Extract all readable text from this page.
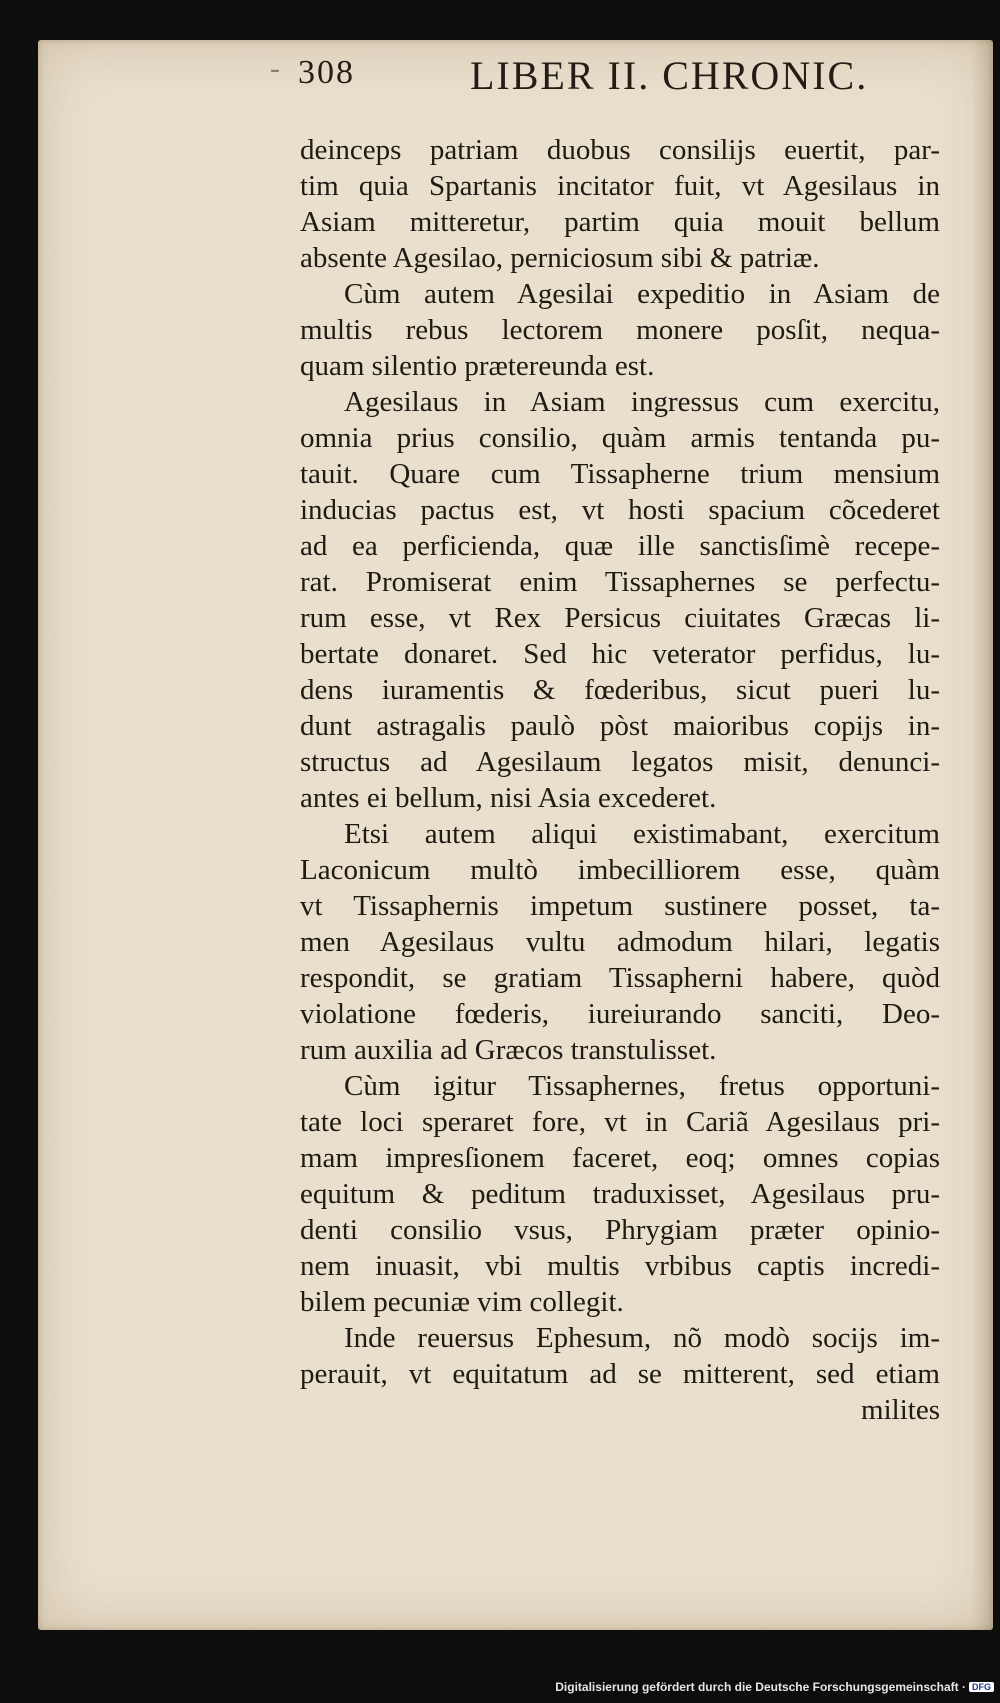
- 308	LIBER II. CHRONIC.
deinceps patriam duobus consilijs euertit, par-
tim quia Spartanis incitator fuit, vt Agesilaus in
Asiam mitteretur, partim quia mouit bellum
absente Agesilao, perniciosum sibi & patriæ.
Cùm autem Agesilai expeditio in Asiam de
multis rebus lectorem monere posſit, nequa-
quam silentio prætereunda est.
Agesilaus in Asiam ingressus cum exercitu,
omnia prius consilio, quàm armis tentanda pu-
tauit. Quare cum Tissapherne trium mensium
inducias pactus est, vt hosti spacium cõcederet
ad ea perficienda, quæ ille sanctisſimè recepe-
rat. Promiserat enim Tissaphernes se perfectu-
rum esse, vt Rex Persicus ciuitates Græcas li-
bertate donaret. Sed hic veterator perfidus, lu-
dens iuramentis & fœderibus, sicut pueri lu-
dunt astragalis paulò pòst maioribus copijs in-
structus ad Agesilaum legatos misit, denunci-
antes ei bellum, nisi Asia excederet.
Etsi autem aliqui existimabant, exercitum
Laconicum multò imbecilliorem esse, quàm
vt Tissaphernis impetum sustinere posset, ta-
men Agesilaus vultu admodum hilari, legatis
respondit, se gratiam Tissapherni habere, quòd
violatione fœderis, iureiurando sanciti, Deo-
rum auxilia ad Græcos transtulisset.
Cùm igitur Tissaphernes, fretus opportuni-
tate loci speraret fore, vt in Cariã Agesilaus pri-
mam impresſionem faceret, eoq; omnes copias
equitum & peditum traduxisset, Agesilaus pru-
denti consilio vsus, Phrygiam præter opinio-
nem inuasit, vbi multis vrbibus captis incredi-
bilem pecuniæ vim collegit.
Inde reuersus Ephesum, nõ modò socijs im-
perauit, vt equitatum ad se mitterent, sed etiam
milites
Digitalisierung gefördert durch die Deutsche Forschungsgemeinschaft · DFG
